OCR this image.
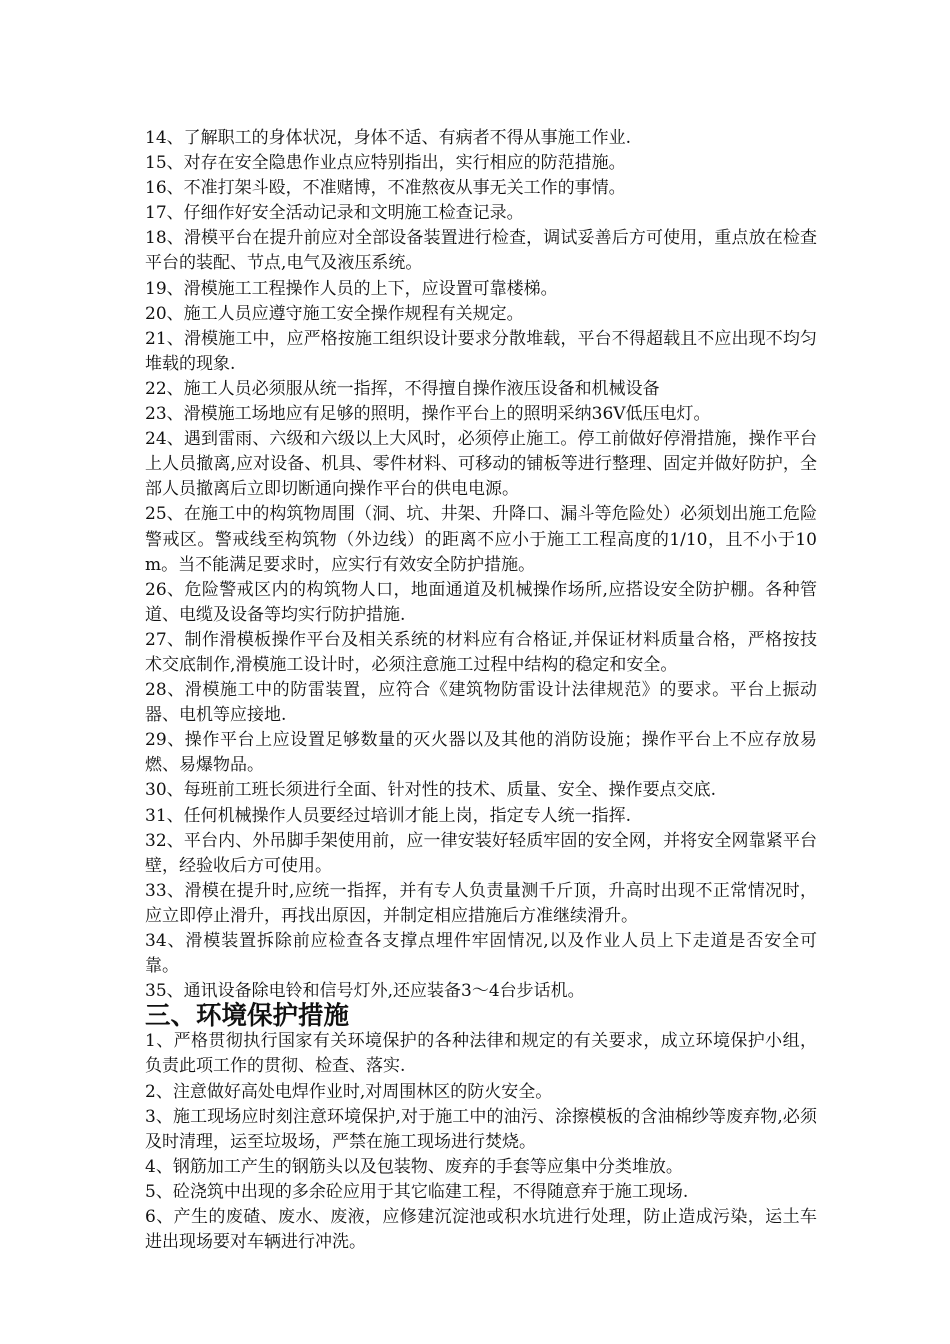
14、了解职工的身体状况，身体不适、有病者不得从事施工作业.

15、对存在安全隐患作业点应特别指出，实行相应的防范措施。

16、不准打架斗殴，不准赌博，不准熬夜从事无关工作的事情。

17、仔细作好安全活动记录和文明施工检查记录。

18、滑模平台在提升前应对全部设备装置进行检查，调试妥善后方可使用，重点放在检查平台的装配、节点,电气及液压系统。

19、滑模施工工程操作人员的上下，应设置可靠楼梯。

20、施工人员应遵守施工安全操作规程有关规定。

21、滑模施工中，应严格按施工组织设计要求分散堆载，平台不得超载且不应出现不均匀堆载的现象.

22、施工人员必须服从统一指挥，不得擅自操作液压设备和机械设备

23、滑模施工场地应有足够的照明，操作平台上的照明采纳36V低压电灯。

24、遇到雷雨、六级和六级以上大风时，必须停止施工。停工前做好停滑措施，操作平台上人员撤离,应对设备、机具、零件材料、可移动的铺板等进行整理、固定并做好防护，全部人员撤离后立即切断通向操作平台的供电电源。

25、在施工中的构筑物周围（洞、坑、井架、升降口、漏斗等危险处）必须划出施工危险警戒区。警戒线至构筑物（外边线）的距离不应小于施工工程高度的1/10，且不小于10m。当不能满足要求时，应实行有效安全防护措施。

26、危险警戒区内的构筑物人口，地面通道及机械操作场所,应搭设安全防护棚。各种管道、电缆及设备等均实行防护措施.

27、制作滑模板操作平台及相关系统的材料应有合格证,并保证材料质量合格，严格按技术交底制作,滑模施工设计时，必须注意施工过程中结构的稳定和安全。

28、滑模施工中的防雷装置，应符合《建筑物防雷设计法律规范》的要求。平台上振动器、电机等应接地.

29、操作平台上应设置足够数量的灭火器以及其他的消防设施；操作平台上不应存放易燃、易爆物品。

30、每班前工班长须进行全面、针对性的技术、质量、安全、操作要点交底.

31、任何机械操作人员要经过培训才能上岗，指定专人统一指挥.

32、平台内、外吊脚手架使用前，应一律安装好轻质牢固的安全网，并将安全网靠紧平台壁，经验收后方可使用。

33、滑模在提升时,应统一指挥，并有专人负责量测千斤顶，升高时出现不正常情况时，应立即停止滑升，再找出原因，并制定相应措施后方准继续滑升。

34、滑模装置拆除前应检查各支撑点埋件牢固情况,以及作业人员上下走道是否安全可靠。

35、通讯设备除电铃和信号灯外,还应装备3～4台步话机。

三、环境保护措施

1、严格贯彻执行国家有关环境保护的各种法律和规定的有关要求，成立环境保护小组，负责此项工作的贯彻、检查、落实.

2、注意做好高处电焊作业时,对周围林区的防火安全。

3、施工现场应时刻注意环境保护,对于施工中的油污、涂擦模板的含油棉纱等废弃物,必须及时清理，运至垃圾场，严禁在施工现场进行焚烧。

4、钢筋加工产生的钢筋头以及包装物、废弃的手套等应集中分类堆放。

5、砼浇筑中出现的多余砼应用于其它临建工程，不得随意弃于施工现场.

6、产生的废碴、废水、废液，应修建沉淀池或积水坑进行处理，防止造成污染，运土车进出现场要对车辆进行冲洗。
